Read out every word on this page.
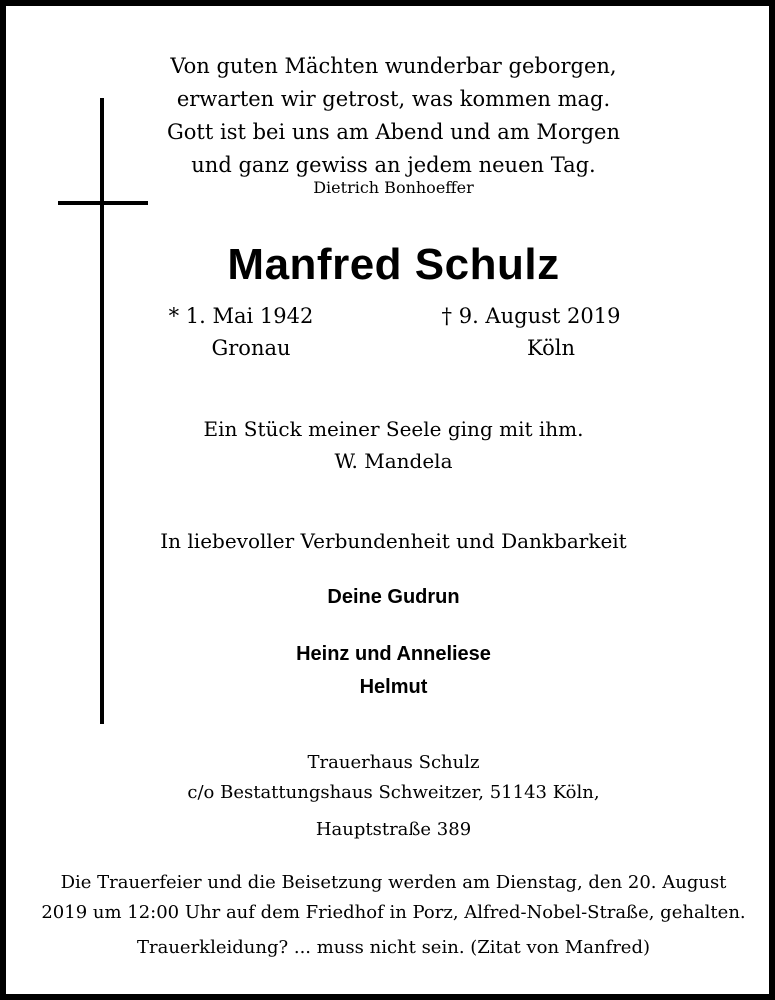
Von guten Mächten wunderbar geborgen,
erwarten wir getrost, was kommen mag.
Gott ist bei uns am Abend und am Morgen
und ganz gewiss an jedem neuen Tag.
Dietrich Bonhoeffer
Manfred Schulz
* 1. Mai 1942
Gronau
† 9. August 2019
Köln
Ein Stück meiner Seele ging mit ihm.
W. Mandela
In liebevoller Verbundenheit und Dankbarkeit
Deine Gudrun
Heinz und Anneliese
Helmut
Trauerhaus Schulz
c/o Bestattungshaus Schweitzer, 51143 Köln,
Hauptstraße 389
Die Trauerfeier und die Beisetzung werden am Dienstag, den 20. August
2019 um 12:00 Uhr auf dem Friedhof in Porz, Alfred-Nobel-Straße, gehalten.
Trauerkleidung? ... muss nicht sein. (Zitat von Manfred)
